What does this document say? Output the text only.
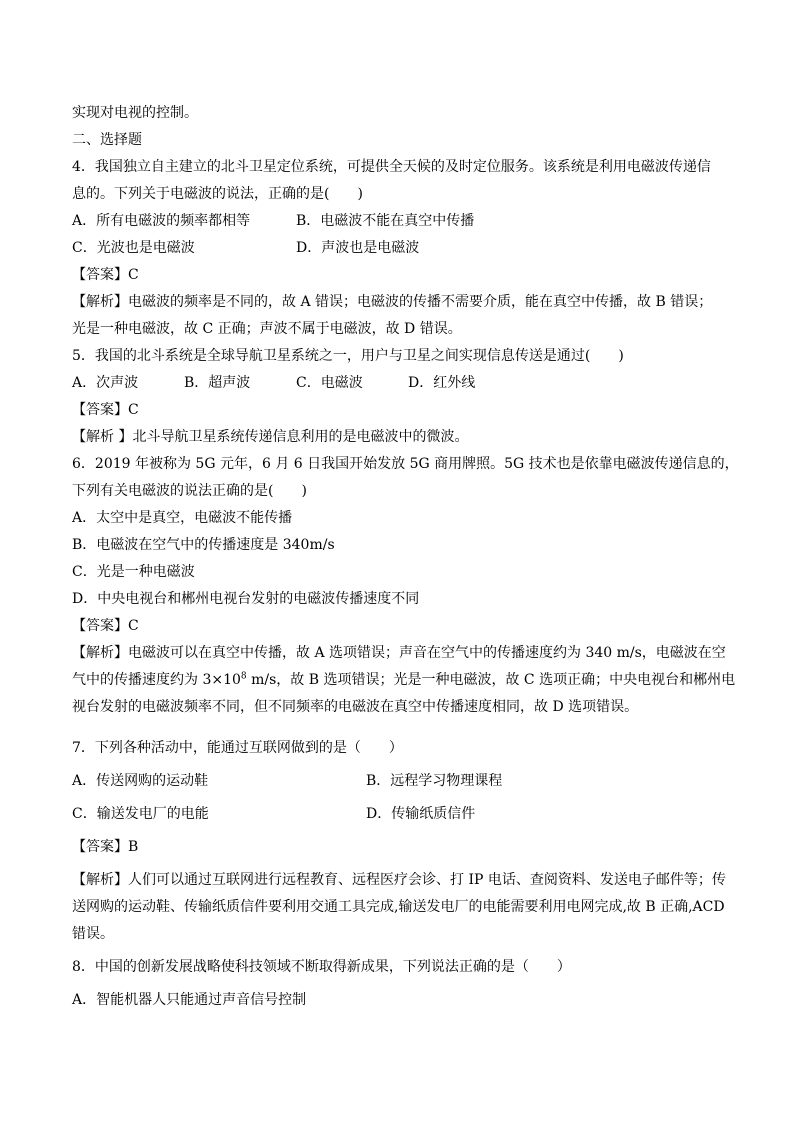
实现对电视的控制。
二、选择题
4．我国独立自主建立的北斗卫星定位系统，可提供全天候的及时定位服务。该系统是利用电磁波传递信
息的。下列关于电磁波的说法，正确的是(　　)
A．所有电磁波的频率都相等	B．电磁波不能在真空中传播
C．光波也是电磁波	D．声波也是电磁波
【答案】C
【解析】电磁波的频率是不同的，故 A 错误；电磁波的传播不需要介质，能在真空中传播，故 B 错误；
光是一种电磁波，故 C 正确；声波不属于电磁波，故 D 错误。
5．我国的北斗系统是全球导航卫星系统之一，用户与卫星之间实现信息传送是通过(　　)
A．次声波	B．超声波	C．电磁波	D．红外线
【答案】C
【解析 】北斗导航卫星系统传递信息利用的是电磁波中的微波。
6．2019 年被称为 5G 元年，6 月 6 日我国开始发放 5G 商用牌照。5G 技术也是依靠电磁波传递信息的，
下列有关电磁波的说法正确的是(　　)
A．太空中是真空，电磁波不能传播
B．电磁波在空气中的传播速度是 340m/s
C．光是一种电磁波
D．中央电视台和郴州电视台发射的电磁波传播速度不同
【答案】C
【解析】电磁波可以在真空中传播，故 A 选项错误；声音在空气中的传播速度约为 340 m/s，电磁波在空
气中的传播速度约为 $3\times 10^8$ m/s，故 B 选项错误；光是一种电磁波，故 C 选项正确；中央电视台和郴州电
视台发射的电磁波频率不同，但不同频率的电磁波在真空中传播速度相同，故 D 选项错误。
7．下列各种活动中，能通过互联网做到的是（　　）
A．传送网购的运动鞋	B．远程学习物理课程
C．输送发电厂的电能	D．传输纸质信件
【答案】B
【解析】人们可以通过互联网进行远程教育、远程医疗会诊、打 IP 电话、查阅资料、发送电子邮件等；传
送网购的运动鞋、传输纸质信件要利用交通工具完成,输送发电厂的电能需要利用电网完成,故 B 正确,ACD
错误。
8．中国的创新发展战略使科技领域不断取得新成果，下列说法正确的是（　　）
A．智能机器人只能通过声音信号控制
